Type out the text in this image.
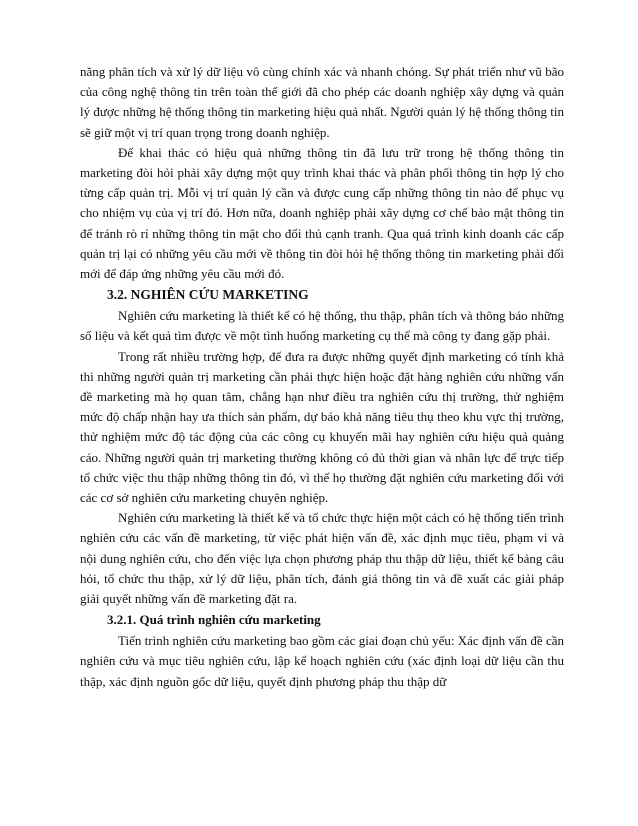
năng phân tích và xử lý dữ liệu vô cùng chính xác và nhanh chóng. Sự phát triển như vũ bão của công nghệ thông tin trên toàn thế giới đã cho phép các doanh nghiệp xây dựng và quản lý được những hệ thống thông tin marketing hiệu quả nhất. Người quản lý hệ thống thông tin sẽ giữ một vị trí quan trọng trong doanh nghiệp.

Để khai thác có hiệu quả những thông tin đã lưu trữ trong hệ thống thông tin marketing đòi hỏi phải xây dựng một quy trình khai thác và phân phối thông tin hợp lý cho từng cấp quản trị. Mỗi vị trí quản lý cần và được cung cấp những thông tin nào để phục vụ cho nhiệm vụ của vị trí đó. Hơn nữa, doanh nghiệp phải xây dựng cơ chế bảo mật thông tin để tránh rò rỉ những thông tin mật cho đối thủ cạnh tranh. Qua quá trình kinh doanh các cấp quản trị lại có những yêu cầu mới về thông tin đòi hỏi hệ thống thông tin marketing phải đổi mới để đáp ứng những yêu cầu mới đó.

3.2. NGHIÊN CỨU MARKETING

Nghiên cứu marketing là thiết kế có hệ thống, thu thập, phân tích và thông báo những số liệu và kết quả tìm được về một tình huống marketing cụ thể mà công ty đang gặp phải.

Trong rất nhiều trường hợp, để đưa ra được những quyết định marketing có tính khả thi những người quản trị marketing cần phải thực hiện hoặc đặt hàng nghiên cứu những vấn đề marketing mà họ quan tâm, chẳng hạn như điều tra nghiên cứu thị trường, thử nghiệm mức độ chấp nhận hay ưa thích sản phẩm, dự báo khả năng tiêu thụ theo khu vực thị trường, thử nghiệm mức độ tác động của các công cụ khuyến mãi hay nghiên cứu hiệu quả quảng cáo. Những người quản trị marketing thường không có đủ thời gian và nhân lực để trực tiếp tổ chức việc thu thập những thông tin đó, vì thế họ thường đặt nghiên cứu marketing đối với các cơ sở nghiên cứu marketing chuyên nghiệp.

Nghiên cứu marketing là thiết kế và tổ chức thực hiện một cách có hệ thống tiến trình nghiên cứu các vấn đề marketing, từ việc phát hiện vấn đề, xác định mục tiêu, phạm vi và nội dung nghiên cứu, cho đến việc lựa chọn phương pháp thu thập dữ liệu, thiết kế bảng câu hỏi, tổ chức thu thập, xử lý dữ liệu, phân tích, đánh giá thông tin và đề xuất các giải pháp giải quyết những vấn đề marketing đặt ra.

3.2.1. Quá trình nghiên cứu marketing

Tiến trình nghiên cứu marketing bao gồm các giai đoạn chủ yếu: Xác định vấn đề cần nghiên cứu và mục tiêu nghiên cứu, lập kế hoạch nghiên cứu (xác định loại dữ liệu cần thu thập, xác định nguồn gốc dữ liệu, quyết định phương pháp thu thập dữ
